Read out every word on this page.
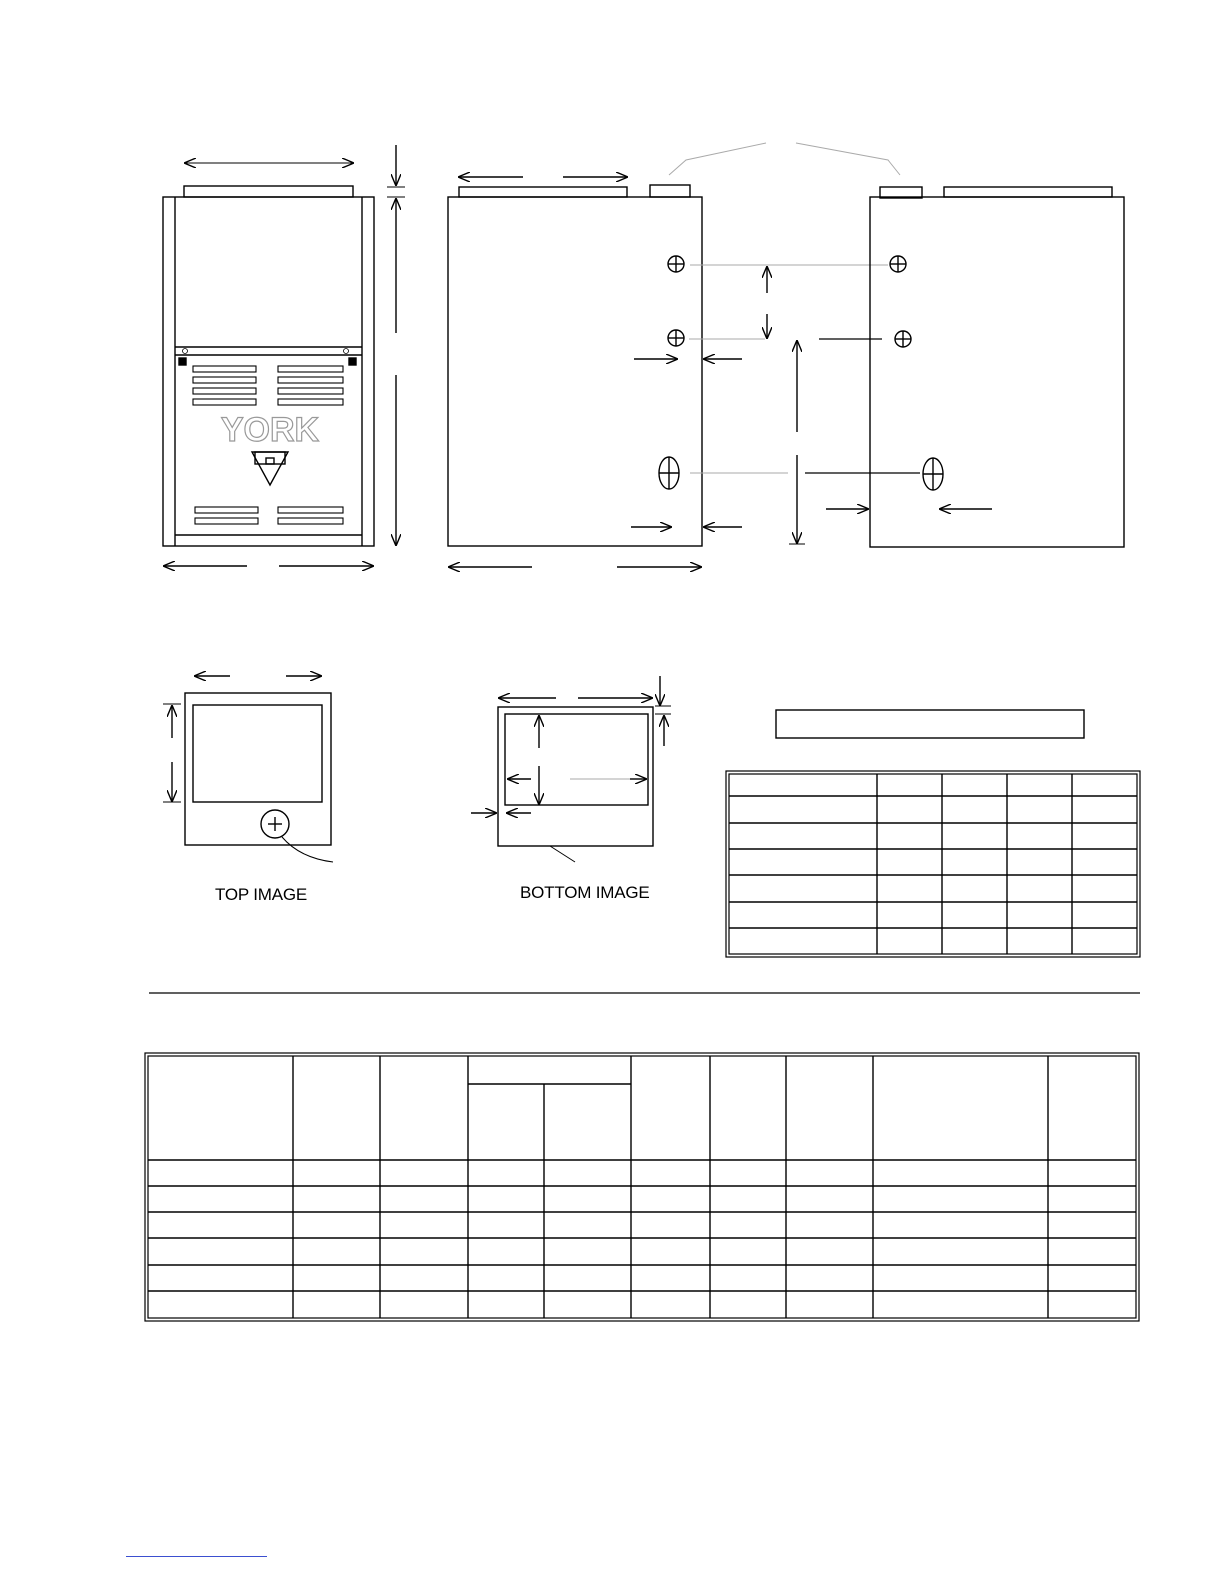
YORK
TOP IMAGE	BOTTOM IMAGE
